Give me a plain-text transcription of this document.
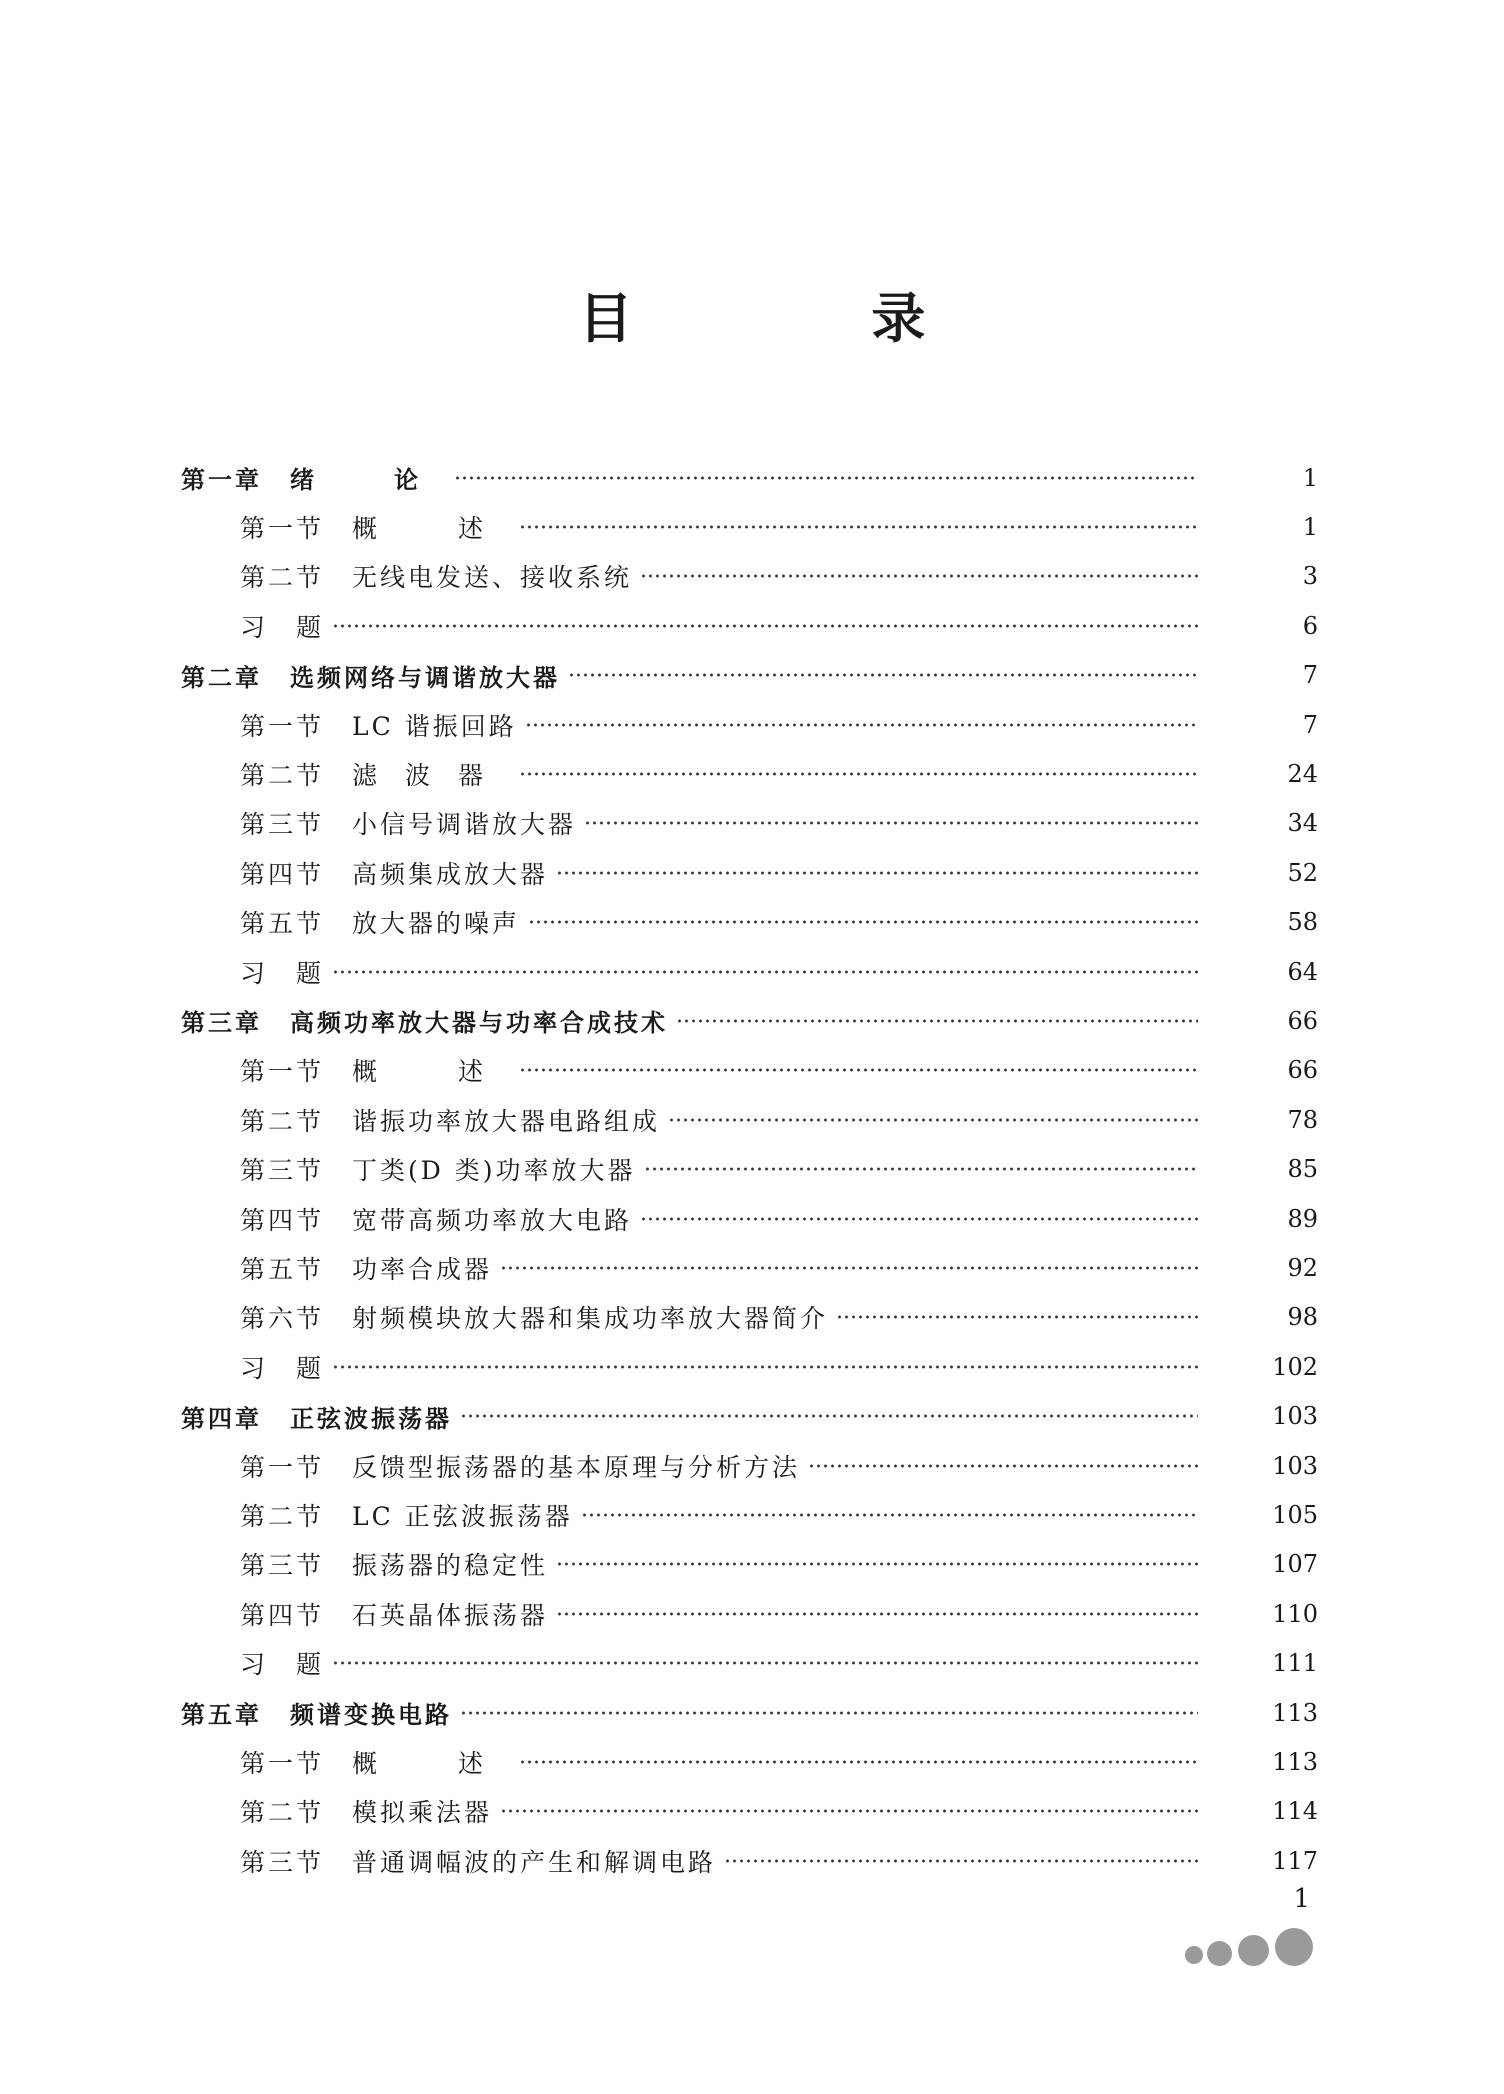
目 录
第一章 绪　论	1
第一节 概　述	1
第二节 无线电发送、接收系统	3
习　题	6
第二章 选频网络与调谐放大器	7
第一节 LC 谐振回路	7
第二节 滤波器	24
第三节 小信号调谐放大器	34
第四节 高频集成放大器	52
第五节 放大器的噪声	58
习　题	64
第三章 高频功率放大器与功率合成技术	66
第一节 概　述	66
第二节 谐振功率放大器电路组成	78
第三节 丁类(D 类)功率放大器	85
第四节 宽带高频功率放大电路	89
第五节 功率合成器	92
第六节 射频模块放大器和集成功率放大器简介	98
习　题	102
第四章 正弦波振荡器	103
第一节 反馈型振荡器的基本原理与分析方法	103
第二节 LC 正弦波振荡器	105
第三节 振荡器的稳定性	107
第四节 石英晶体振荡器	110
习　题	111
第五章 频谱变换电路	113
第一节 概　述	113
第二节 模拟乘法器	114
第三节 普通调幅波的产生和解调电路	117
1
